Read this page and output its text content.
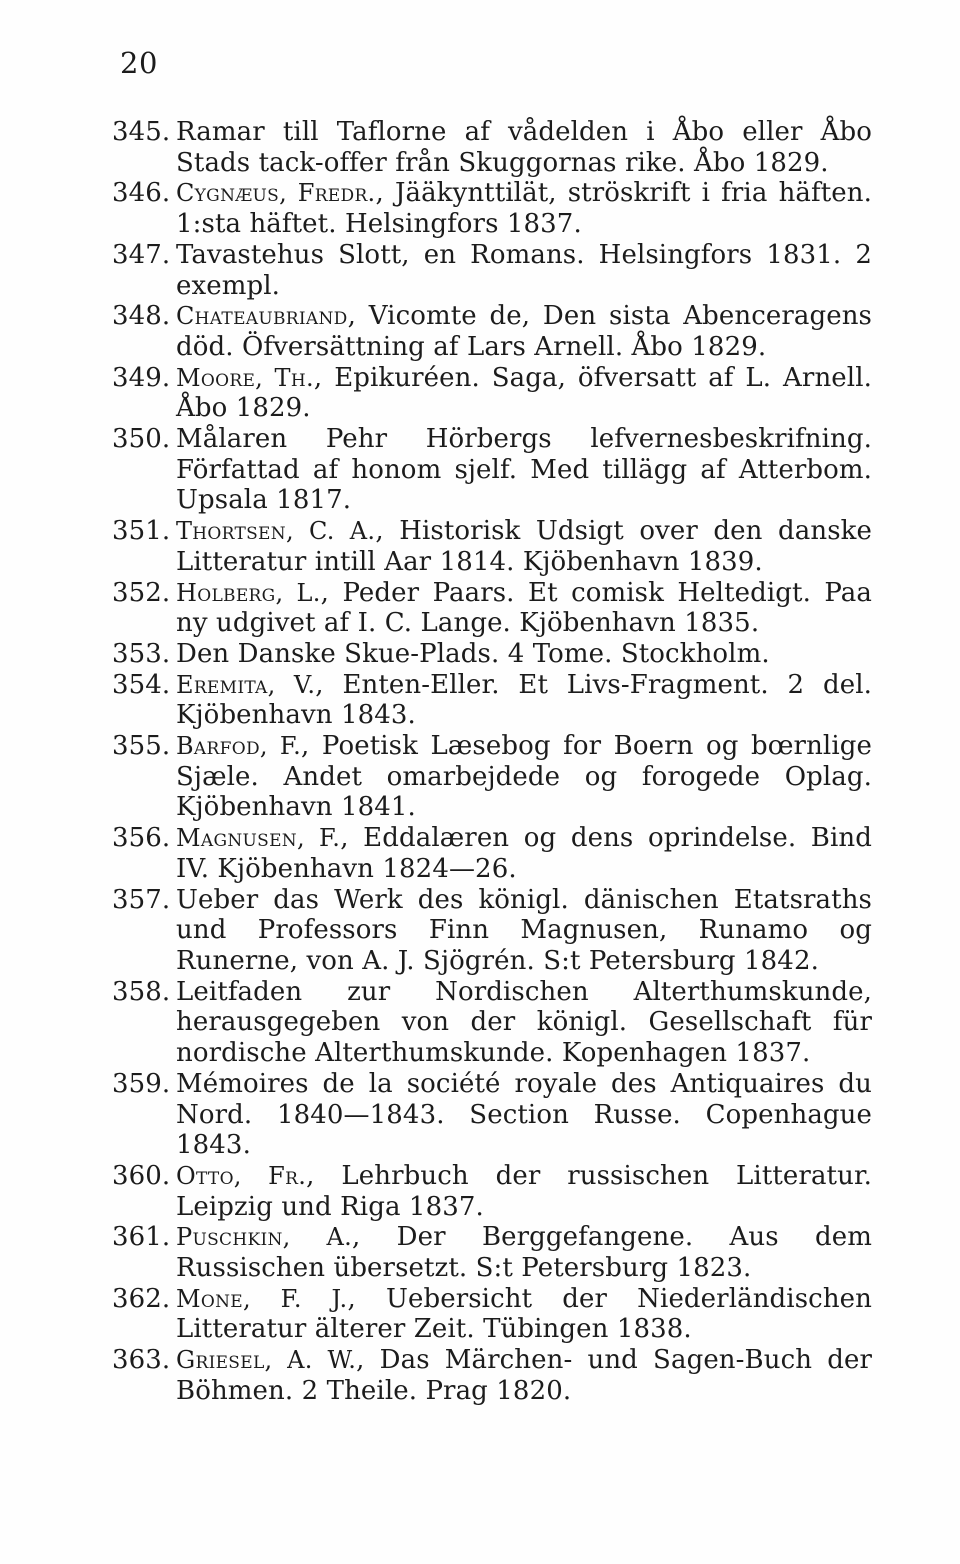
20
345. Ramar till Taflorne af vådelden i Åbo eller Åbo Stads tack-offer från Skuggornas rike. Åbo 1829.
346. Cygnæus, Fredr., Jääkynttilät, ströskrift i fria häften. 1:sta häftet. Helsingfors 1837.
347. Tavastehus Slott, en Romans. Helsingfors 1831. 2 exempl.
348. Chateaubriand, Vicomte de, Den sista Abenceragens död. Öfversättning af Lars Arnell. Åbo 1829.
349. Moore, Th., Epikuréen. Saga, öfversatt af L. Arnell. Åbo 1829.
350. Målaren Pehr Hörbergs lefvernesbeskrifning. Författad af honom sjelf. Med tillägg af Atterbom. Upsala 1817.
351. Thortsen, C. A., Historisk Udsigt over den danske Litteratur intill Aar 1814. Kjöbenhavn 1839.
352. Holberg, L., Peder Paars. Et comisk Heltedigt. Paa ny udgivet af I. C. Lange. Kjöbenhavn 1835.
353. Den Danske Skue-Plads. 4 Tome. Stockholm.
354. Eremita, V., Enten-Eller. Et Livs-Fragment. 2 del. Kjöbenhavn 1843.
355. Barfod, F., Poetisk Læsebog for Boern og bœrnlige Sjæle. Andet omarbejdede og forogede Oplag. Kjöbenhavn 1841.
356. Magnusen, F., Eddalæren og dens oprindelse. Bind IV. Kjöbenhavn 1824—26.
357. Ueber das Werk des königl. dänischen Etatsraths und Professors Finn Magnusen, Runamo og Runerne, von A. J. Sjögrén. S:t Petersburg 1842.
358. Leitfaden zur Nordischen Alterthumskunde, herausgegeben von der königl. Gesellschaft für nordische Alterthumskunde. Kopenhagen 1837.
359. Mémoires de la société royale des Antiquaires du Nord. 1840—1843. Section Russe. Copenhague 1843.
360. Otto, Fr., Lehrbuch der russischen Litteratur. Leipzig und Riga 1837.
361. Puschkin, A., Der Berggefangene. Aus dem Russischen übersetzt. S:t Petersburg 1823.
362. Mone, F. J., Uebersicht der Niederländischen Litteratur älterer Zeit. Tübingen 1838.
363. Griesel, A. W., Das Märchen- und Sagen-Buch der Böhmen. 2 Theile. Prag 1820.
